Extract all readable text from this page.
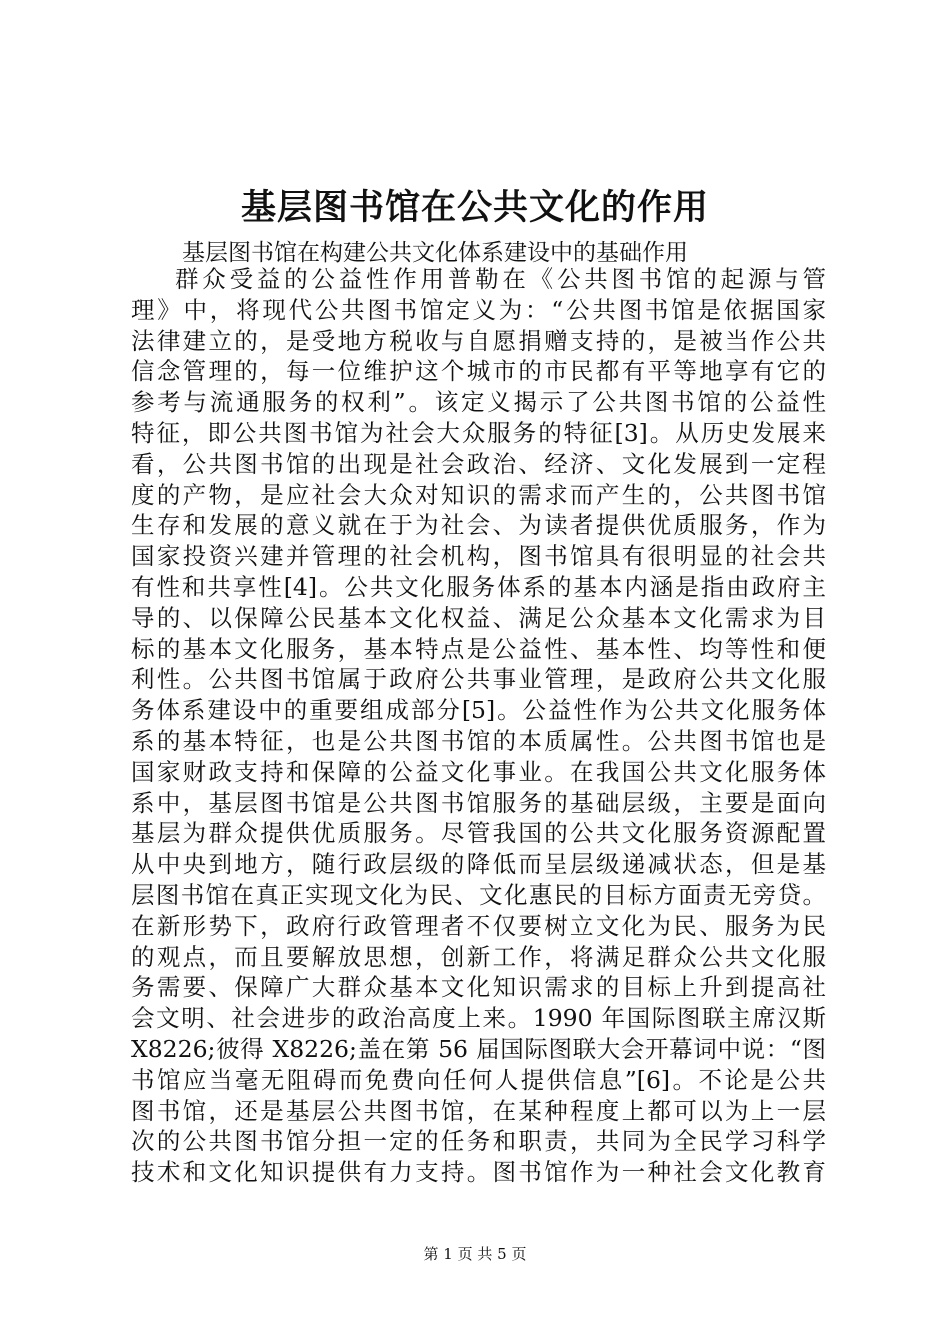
基层图书馆在公共文化的作用

基层图书馆在构建公共文化体系建设中的基础作用

群众受益的公益性作用普勒在《公共图书馆的起源与管
理》中，将现代公共图书馆定义为：“公共图书馆是依据国家
法律建立的，是受地方税收与自愿捐赠支持的，是被当作公共
信念管理的，每一位维护这个城市的市民都有平等地享有它的
参考与流通服务的权利”。该定义揭示了公共图书馆的公益性
特征，即公共图书馆为社会大众服务的特征[3]。从历史发展来
看，公共图书馆的出现是社会政治、经济、文化发展到一定程
度的产物，是应社会大众对知识的需求而产生的，公共图书馆
生存和发展的意义就在于为社会、为读者提供优质服务，作为
国家投资兴建并管理的社会机构，图书馆具有很明显的社会共
有性和共享性[4]。公共文化服务体系的基本内涵是指由政府主
导的、以保障公民基本文化权益、满足公众基本文化需求为目
标的基本文化服务，基本特点是公益性、基本性、均等性和便
利性。公共图书馆属于政府公共事业管理，是政府公共文化服
务体系建设中的重要组成部分[5]。公益性作为公共文化服务体
系的基本特征，也是公共图书馆的本质属性。公共图书馆也是
国家财政支持和保障的公益文化事业。在我国公共文化服务体
系中，基层图书馆是公共图书馆服务的基础层级，主要是面向
基层为群众提供优质服务。尽管我国的公共文化服务资源配置
从中央到地方，随行政层级的降低而呈层级递减状态，但是基
层图书馆在真正实现文化为民、文化惠民的目标方面责无旁贷。
在新形势下，政府行政管理者不仅要树立文化为民、服务为民
的观点，而且要解放思想，创新工作，将满足群众公共文化服
务需要、保障广大群众基本文化知识需求的目标上升到提高社
会文明、社会进步的政治高度上来。1990 年国际图联主席汉斯
X8226;彼得 X8226;盖在第 56 届国际图联大会开幕词中说：“图
书馆应当毫无阻碍而免费向任何人提供信息”[6]。不论是公共
图书馆，还是基层公共图书馆，在某种程度上都可以为上一层
次的公共图书馆分担一定的任务和职责，共同为全民学习科学
技术和文化知识提供有力支持。图书馆作为一种社会文化教育

第 1 页 共 5 页
